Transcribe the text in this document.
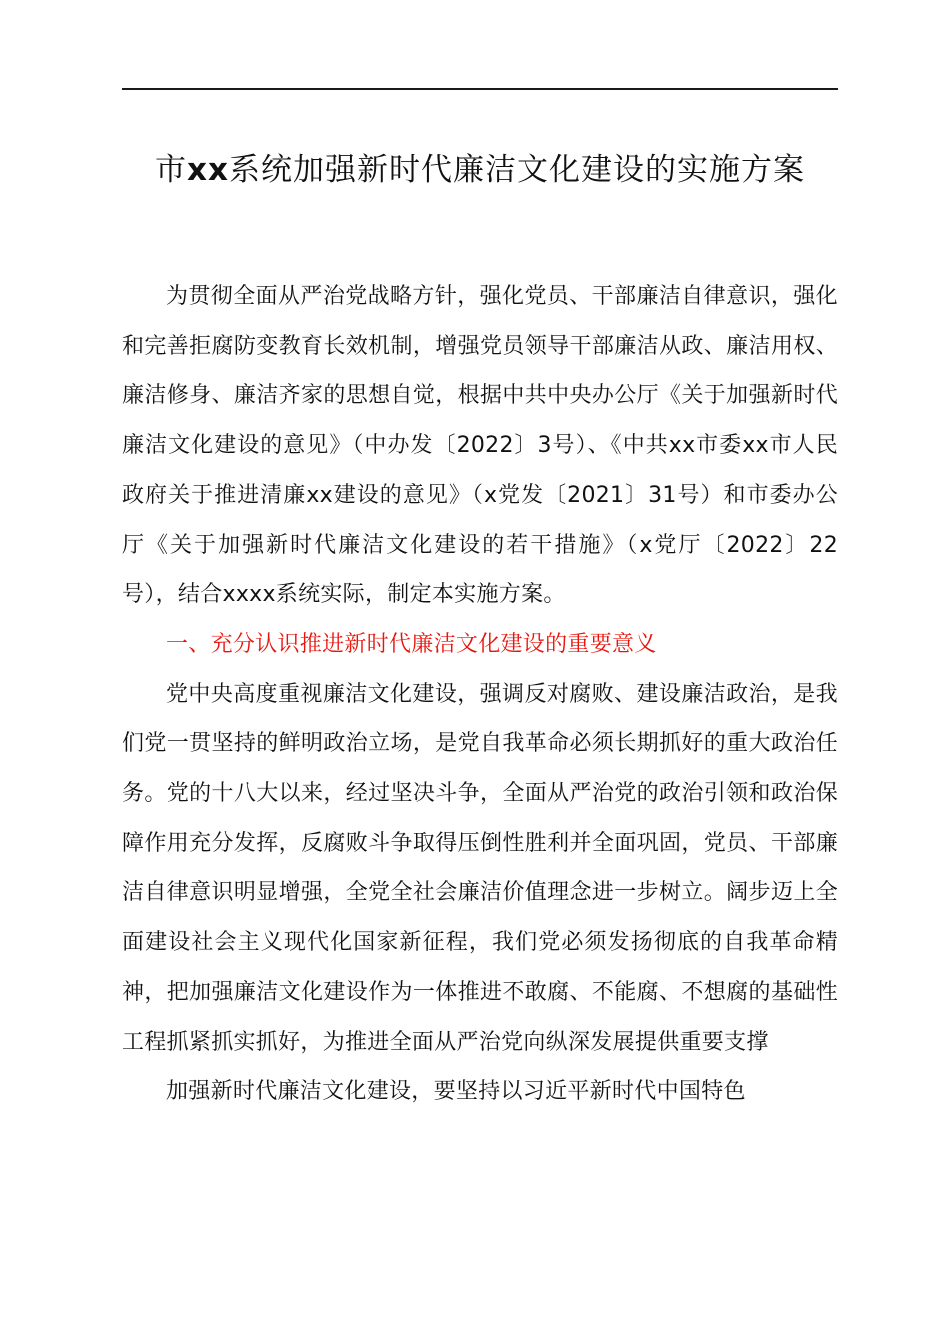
市xx系统加强新时代廉洁文化建设的实施方案

为贯彻全面从严治党战略方针，强化党员、干部廉洁自律意识，强化和完善拒腐防变教育长效机制，增强党员领导干部廉洁从政、廉洁用权、廉洁修身、廉洁齐家的思想自觉，根据中共中央办公厅《关于加强新时代廉洁文化建设的意见》（中办发〔2022〕3号）、《中共xx市委xx市人民政府关于推进清廉xx建设的意见》（x党发〔2021〕31号）和市委办公厅《关于加强新时代廉洁文化建设的若干措施》（x党厅〔2022〕22号），结合xxxx系统实际，制定本实施方案。

一、充分认识推进新时代廉洁文化建设的重要意义

党中央高度重视廉洁文化建设，强调反对腐败、建设廉洁政治，是我们党一贯坚持的鲜明政治立场，是党自我革命必须长期抓好的重大政治任务。党的十八大以来，经过坚决斗争，全面从严治党的政治引领和政治保障作用充分发挥，反腐败斗争取得压倒性胜利并全面巩固，党员、干部廉洁自律意识明显增强，全党全社会廉洁价值理念进一步树立。阔步迈上全面建设社会主义现代化国家新征程，我们党必须发扬彻底的自我革命精神，把加强廉洁文化建设作为一体推进不敢腐、不能腐、不想腐的基础性工程抓紧抓实抓好，为推进全面从严治党向纵深发展提供重要支撑

加强新时代廉洁文化建设，要坚持以习近平新时代中国特色
